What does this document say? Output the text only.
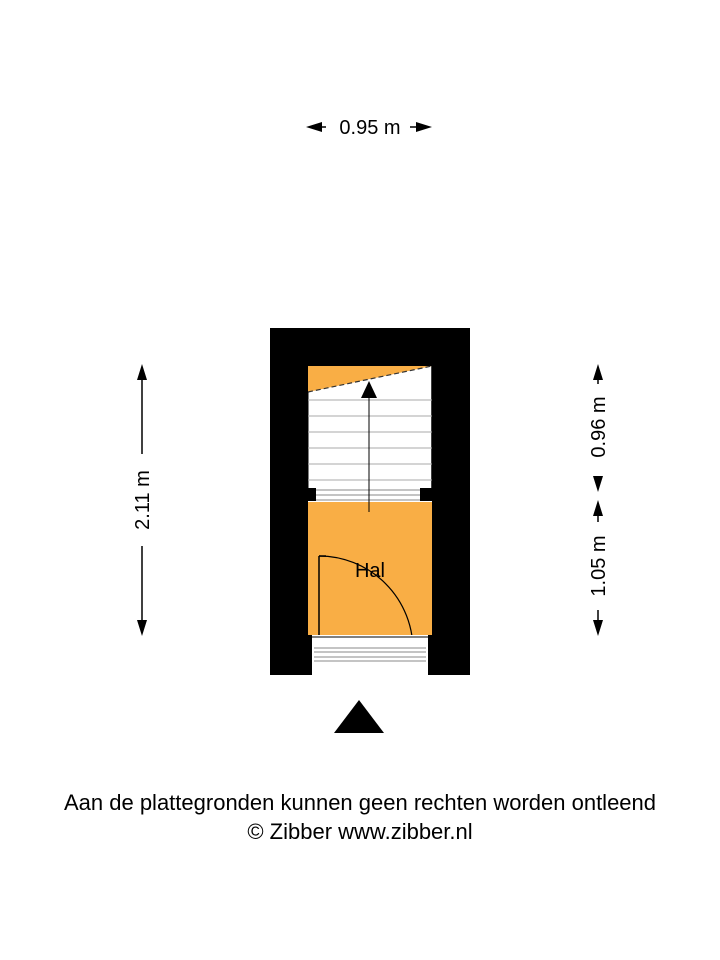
0.95 m
2.11 m
0.96 m
1.05 m
Hal
Aan de plattegronden kunnen geen rechten worden ontleend
© Zibber www.zibber.nl
